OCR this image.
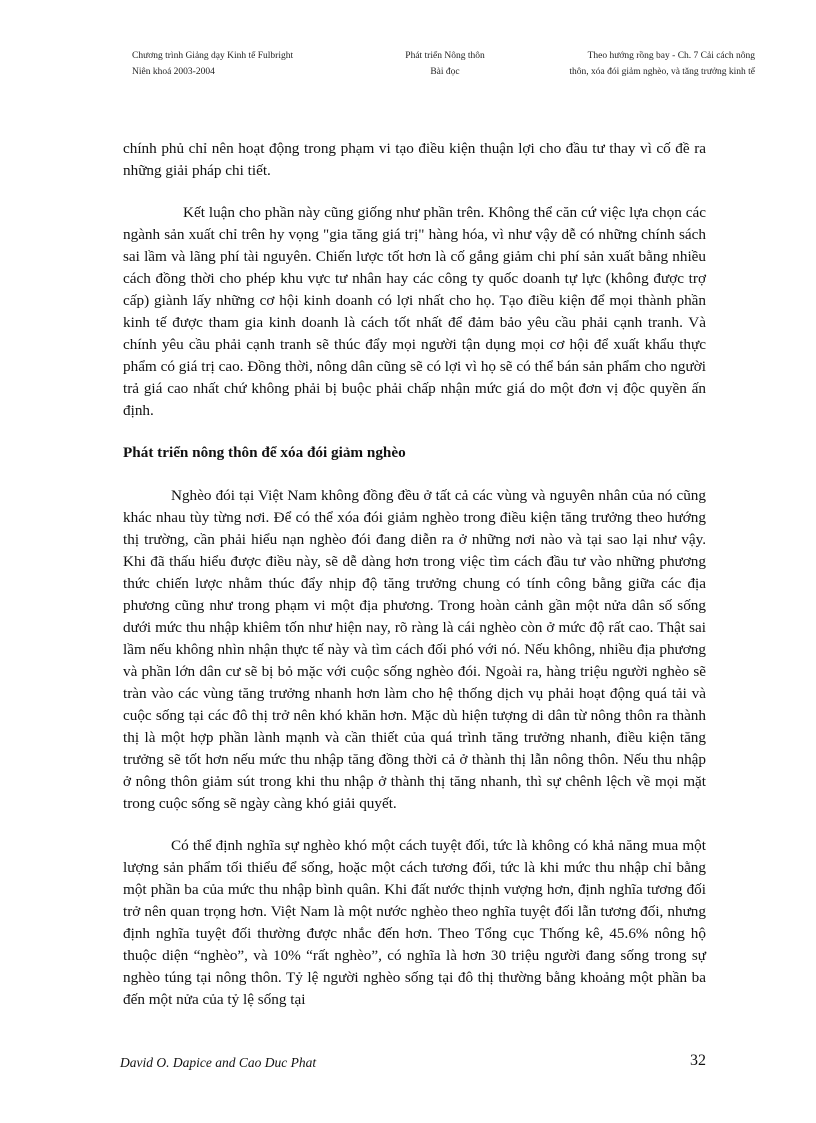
Chương trình Giảng dạy Kinh tế Fulbright
Niên khoá 2003-2004
Phát triển Nông thôn
Bài đọc
Theo hướng rồng bay - Ch. 7 Cải cách nông
thôn, xóa đói giảm nghèo, và tăng trưởng kinh tế

chính phủ chỉ nên hoạt động trong phạm vi tạo điều kiện thuận lợi cho đầu tư thay vì cố đề ra những giải pháp chi tiết.

Kết luận cho phần này cũng giống như phần trên. Không thể căn cứ việc lựa chọn các ngành sản xuất chỉ trên hy vọng "gia tăng giá trị" hàng hóa, vì như vậy dễ có những chính sách sai lầm và lãng phí tài nguyên. Chiến lược tốt hơn là cố gắng giảm chi phí sản xuất bằng nhiều cách đồng thời cho phép khu vực tư nhân hay các công ty quốc doanh tự lực (không được trợ cấp) giành lấy những cơ hội kinh doanh có lợi nhất cho họ. Tạo điều kiện để mọi thành phần kinh tế được tham gia kinh doanh là cách tốt nhất để đảm bảo yêu cầu phải cạnh tranh. Và chính yêu cầu phải cạnh tranh sẽ thúc đẩy mọi người tận dụng mọi cơ hội để xuất khẩu thực phẩm có giá trị cao. Đồng thời, nông dân cũng sẽ có lợi vì họ sẽ có thể bán sản phẩm cho người trả giá cao nhất chứ không phải bị buộc phải chấp nhận mức giá do một đơn vị độc quyền ấn định.

Phát triển nông thôn để xóa đói giảm nghèo

Nghèo đói tại Việt Nam không đồng đều ở tất cả các vùng và nguyên nhân của nó cũng khác nhau tùy từng nơi. Để có thể xóa đói giảm nghèo trong điều kiện tăng trưởng theo hướng thị trường, cần phải hiểu nạn nghèo đói đang diễn ra ở những nơi nào và tại sao lại như vậy. Khi đã thấu hiểu được điều này, sẽ dễ dàng hơn trong việc tìm cách đầu tư vào những phương thức chiến lược nhằm thúc đẩy nhịp độ tăng trưởng chung có tính công bằng giữa các địa phương cũng như trong phạm vi một địa phương. Trong hoàn cảnh gần một nửa dân số sống dưới mức thu nhập khiêm tốn như hiện nay, rõ ràng là cái nghèo còn ở mức độ rất cao. Thật sai lầm nếu không nhìn nhận thực tế này và tìm cách đối phó với nó. Nếu không, nhiều địa phương và phần lớn dân cư sẽ bị bỏ mặc với cuộc sống nghèo đói. Ngoài ra, hàng triệu người nghèo sẽ tràn vào các vùng tăng trưởng nhanh hơn làm cho hệ thống dịch vụ phải hoạt động quá tải và cuộc sống tại các đô thị trở nên khó khăn hơn. Mặc dù hiện tượng di dân từ nông thôn ra thành thị là một hợp phần lành mạnh và cần thiết của quá trình tăng trưởng nhanh, điều kiện tăng trưởng sẽ tốt hơn nếu mức thu nhập tăng đồng thời cả ở thành thị lẫn nông thôn. Nếu thu nhập ở nông thôn giảm sút trong khi thu nhập ở thành thị tăng nhanh, thì sự chênh lệch về mọi mặt trong cuộc sống sẽ ngày càng khó giải quyết.

Có thể định nghĩa sự nghèo khó một cách tuyệt đối, tức là không có khả năng mua một lượng sản phẩm tối thiểu để sống, hoặc một cách tương đối, tức là khi mức thu nhập chỉ bằng một phần ba của mức thu nhập bình quân. Khi đất nước thịnh vượng hơn, định nghĩa tương đối trở nên quan trọng hơn. Việt Nam là một nước nghèo theo nghĩa tuyệt đối lẫn tương đối, nhưng định nghĩa tuyệt đối thường được nhắc đến hơn. Theo Tổng cục Thống kê, 45.6% nông hộ thuộc diện “nghèo”, và 10% “rất nghèo”, có nghĩa là hơn 30 triệu người đang sống trong sự nghèo túng tại nông thôn. Tỷ lệ người nghèo sống tại đô thị thường bằng khoảng một phần ba đến một nửa của tỷ lệ sống tại

David O. Dapice and Cao Duc Phat	32
